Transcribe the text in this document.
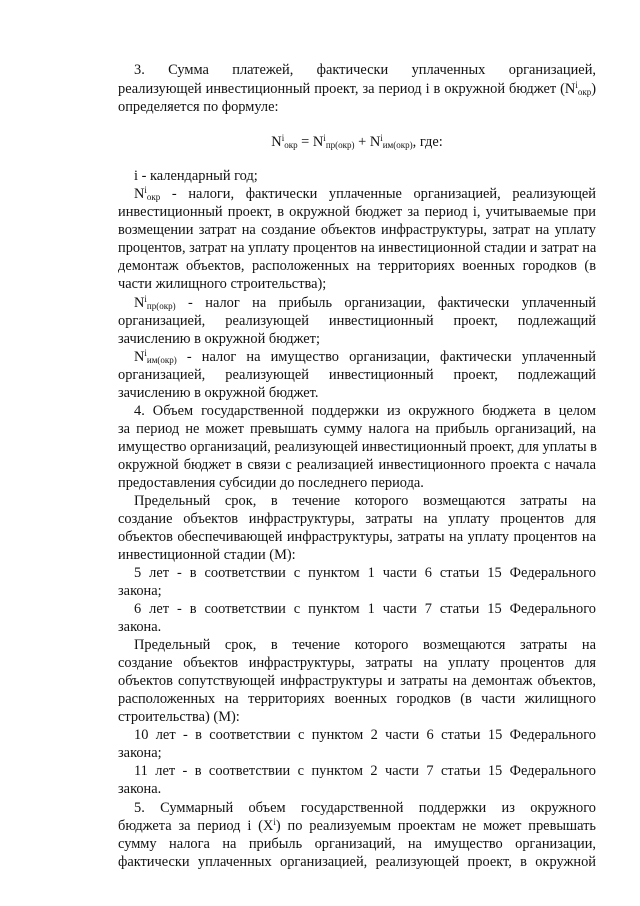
3. Сумма платежей, фактически уплаченных организацией,
реализующей инвестиционный проект, за период i в окружной бюджет $(N^i_{окр})$
определяется по формуле:
$N^i_{окр} = N^i_{пр(окр)} + N^i_{им(окр)}$, где:
i - календарный год;
$N^i_{окр}$ - налоги, фактически уплаченные организацией, реализующей
инвестиционный проект, в окружной бюджет за период i, учитываемые при
возмещении затрат на создание объектов инфраструктуры, затрат на уплату
процентов, затрат на уплату процентов на инвестиционной стадии и затрат на
демонтаж объектов, расположенных на территориях военных городков (в
части жилищного строительства);
$N^i_{пр(окр)}$ - налог на прибыль организации, фактически уплаченный
организацией, реализующей инвестиционный проект, подлежащий
зачислению в окружной бюджет;
$N^i_{им(окр)}$ - налог на имущество организации, фактически уплаченный
организацией, реализующей инвестиционный проект, подлежащий
зачислению в окружной бюджет.
4. Объем государственной поддержки из окружного бюджета в целом
за период не может превышать сумму налога на прибыль организаций, на
имущество организаций, реализующей инвестиционный проект, для уплаты в
окружной бюджет в связи с реализацией инвестиционного проекта с начала
предоставления субсидии до последнего периода.
Предельный срок, в течение которого возмещаются затраты на
создание объектов инфраструктуры, затраты на уплату процентов для
объектов обеспечивающей инфраструктуры, затраты на уплату процентов на
инвестиционной стадии (М):
5 лет - в соответствии с пунктом 1 части 6 статьи 15 Федерального
закона;
6 лет - в соответствии с пунктом 1 части 7 статьи 15 Федерального
закона.
Предельный срок, в течение которого возмещаются затраты на
создание объектов инфраструктуры, затраты на уплату процентов для
объектов сопутствующей инфраструктуры и затраты на демонтаж объектов,
расположенных на территориях военных городков (в части жилищного
строительства) (М):
10 лет - в соответствии с пунктом 2 части 6 статьи 15 Федерального
закона;
11 лет - в соответствии с пунктом 2 части 7 статьи 15 Федерального
закона.
5. Суммарный объем государственной поддержки из окружного
бюджета за период i $(X^i)$ по реализуемым проектам не может превышать
сумму налога на прибыль организаций, на имущество организации,
фактически уплаченных организацией, реализующей проект, в окружной
